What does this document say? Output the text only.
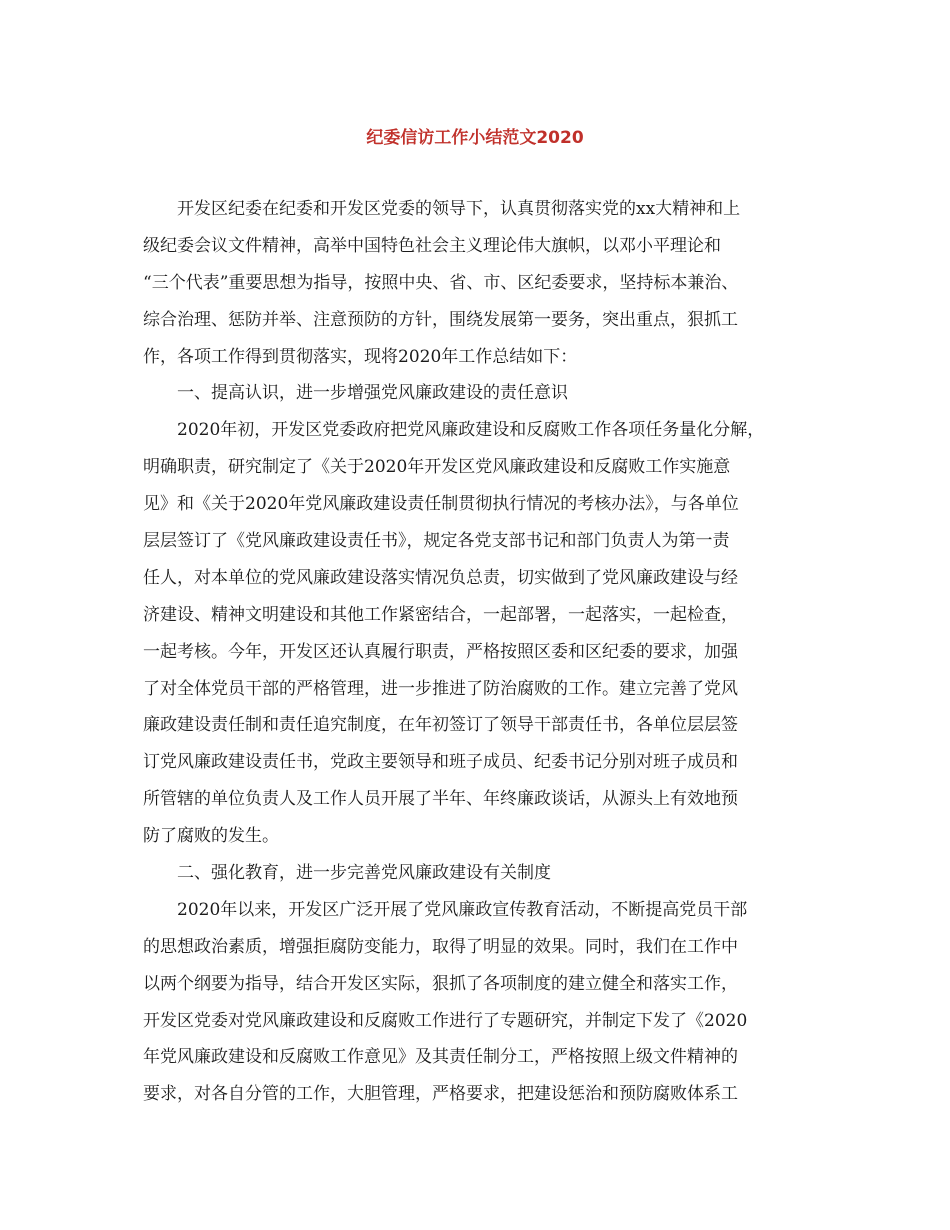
纪委信访工作小结范文2020
开发区纪委在纪委和开发区党委的领导下，认真贯彻落实党的xx大精神和上
级纪委会议文件精神，高举中国特色社会主义理论伟大旗帜，以邓小平理论和
“三个代表”重要思想为指导，按照中央、省、市、区纪委要求，坚持标本兼治、
综合治理、惩防并举、注意预防的方针，围绕发展第一要务，突出重点，狠抓工
作，各项工作得到贯彻落实，现将2020年工作总结如下：
一、提高认识，进一步增强党风廉政建设的责任意识
2020年初，开发区党委政府把党风廉政建设和反腐败工作各项任务量化分解，
明确职责，研究制定了《关于2020年开发区党风廉政建设和反腐败工作实施意
见》和《关于2020年党风廉政建设责任制贯彻执行情况的考核办法》，与各单位
层层签订了《党风廉政建设责任书》，规定各党支部书记和部门负责人为第一责
任人，对本单位的党风廉政建设落实情况负总责，切实做到了党风廉政建设与经
济建设、精神文明建设和其他工作紧密结合，一起部署，一起落实，一起检查，
一起考核。今年，开发区还认真履行职责，严格按照区委和区纪委的要求，加强
了对全体党员干部的严格管理，进一步推进了防治腐败的工作。建立完善了党风
廉政建设责任制和责任追究制度，在年初签订了领导干部责任书，各单位层层签
订党风廉政建设责任书，党政主要领导和班子成员、纪委书记分别对班子成员和
所管辖的单位负责人及工作人员开展了半年、年终廉政谈话，从源头上有效地预
防了腐败的发生。
二、强化教育，进一步完善党风廉政建设有关制度
2020年以来，开发区广泛开展了党风廉政宣传教育活动，不断提高党员干部
的思想政治素质，增强拒腐防变能力，取得了明显的效果。同时，我们在工作中
以两个纲要为指导，结合开发区实际，狠抓了各项制度的建立健全和落实工作，
开发区党委对党风廉政建设和反腐败工作进行了专题研究，并制定下发了《2020
年党风廉政建设和反腐败工作意见》及其责任制分工，严格按照上级文件精神的
要求，对各自分管的工作，大胆管理，严格要求，把建设惩治和预防腐败体系工
